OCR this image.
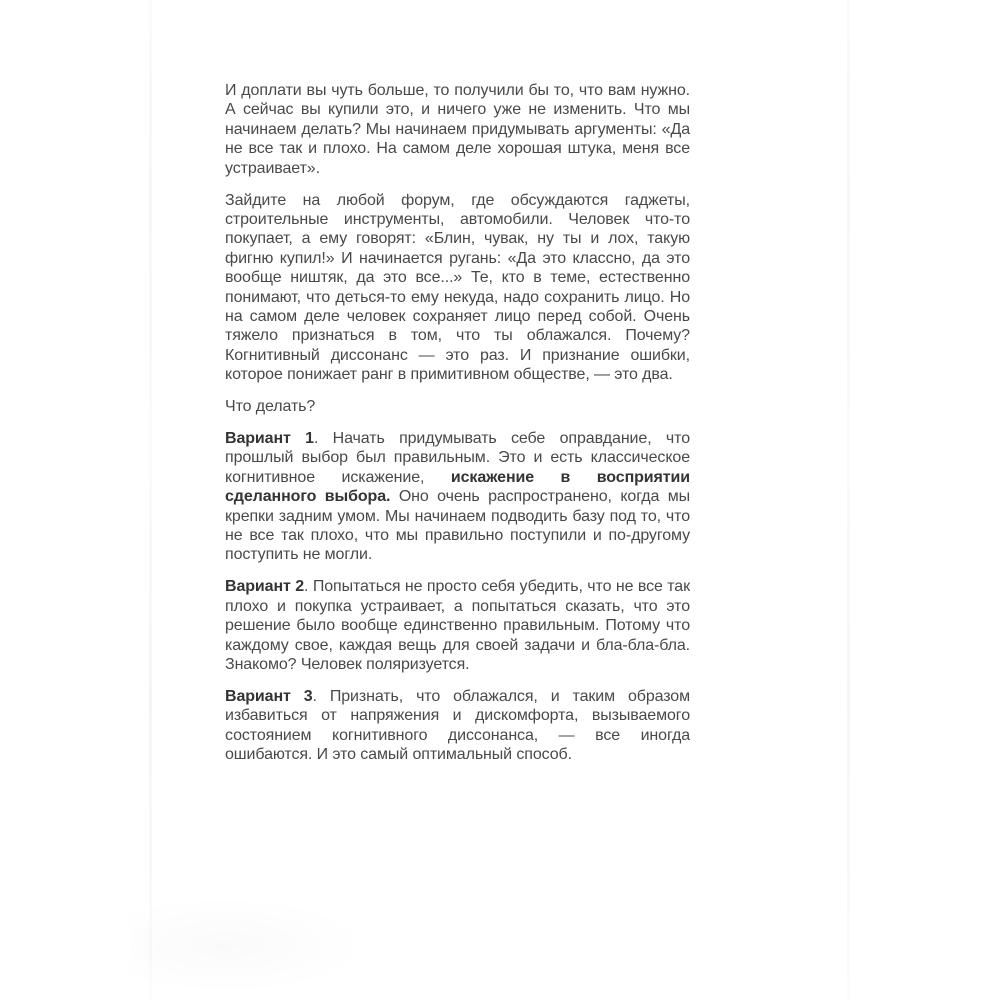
И доплати вы чуть больше, то получили бы то, что вам нужно. А сейчас вы купили это, и ничего уже не изменить. Что мы начинаем делать? Мы начинаем придумывать аргументы: «Да не все так и плохо. На самом деле хорошая штука, меня все устраивает».

Зайдите на любой форум, где обсуждаются гаджеты, строительные инструменты, автомобили. Человек что-то покупает, а ему говорят: «Блин, чувак, ну ты и лох, такую фигню купил!» И начинается ругань: «Да это классно, да это вообще ништяк, да это все...» Те, кто в теме, естественно понимают, что деться-то ему некуда, надо сохранить лицо. Но на самом деле человек сохраняет лицо перед собой. Очень тяжело признаться в том, что ты облажался. Почему? Когнитивный диссонанс — это раз. И признание ошибки, которое понижает ранг в примитивном обществе, — это два.

Что делать?

Вариант 1. Начать придумывать себе оправдание, что прошлый выбор был правильным. Это и есть классическое когнитивное искажение, искажение в восприятии сделанного выбора. Оно очень распространено, когда мы крепки задним умом. Мы начинаем подводить базу под то, что не все так плохо, что мы правильно поступили и по-другому поступить не могли.

Вариант 2. Попытаться не просто себя убедить, что не все так плохо и покупка устраивает, а попытаться сказать, что это решение было вообще единственно правильным. Потому что каждому свое, каждая вещь для своей задачи и бла-бла-бла. Знакомо? Человек поляризуется.

Вариант 3. Признать, что облажался, и таким образом избавиться от напряжения и дискомфорта, вызываемого состоянием когнитивного диссонанса, — все иногда ошибаются. И это самый оптимальный способ.
